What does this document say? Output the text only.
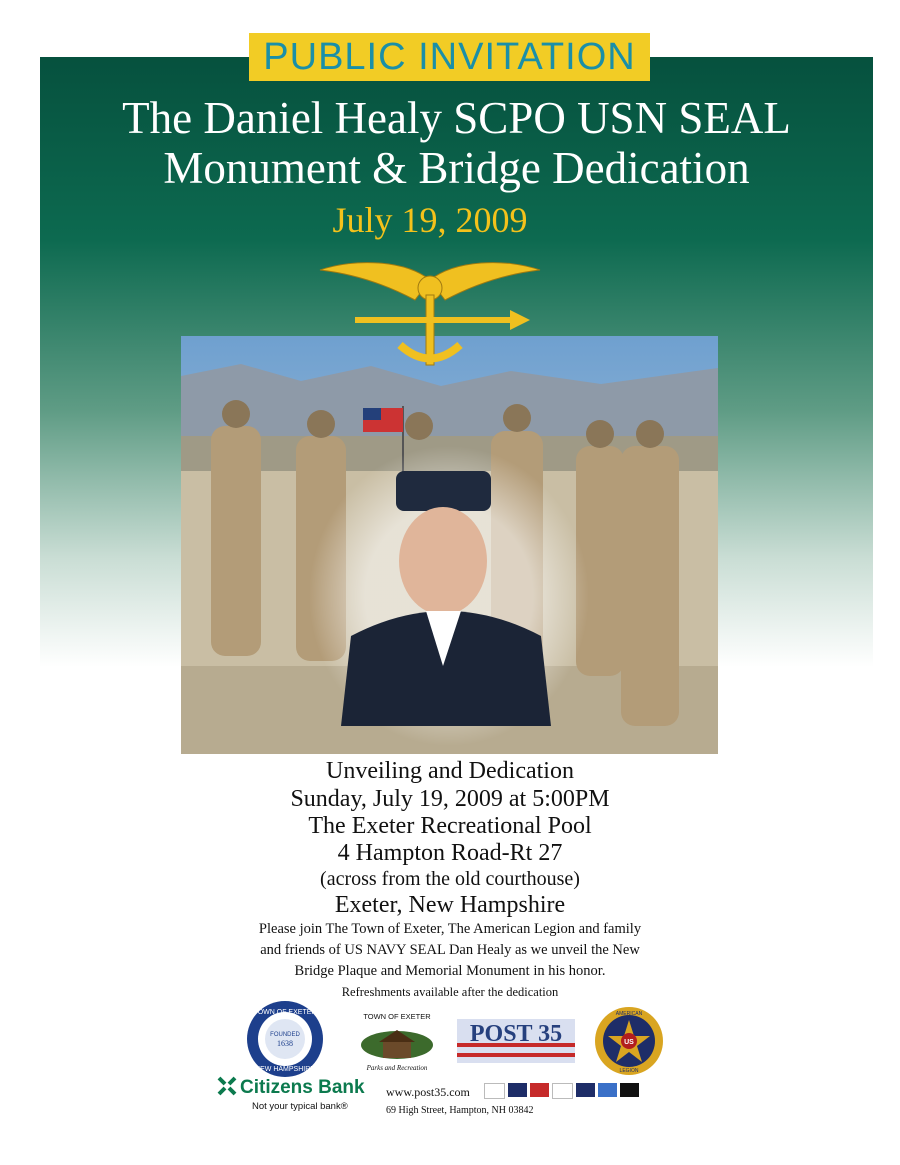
PUBLIC INVITATION
The Daniel Healy SCPO USN SEAL
Monument & Bridge Dedication
July 19, 2009
Unveiling and Dedication
Sunday, July 19, 2009 at 5:00PM
The Exeter Recreational Pool
4 Hampton Road-Rt 27
(across from the old courthouse)
Exeter, New Hampshire
Please join The Town of Exeter, The American Legion and family
and friends of US NAVY SEAL Dan Healy as we unveil the New
Bridge Plaque and Memorial Monument in his honor.
Refreshments available after the dedication
TOWN OF EXETER
FOUNDED
1638
NEW HAMPSHIRE
TOWN OF EXETER
Parks and Recreation
POST 35	US
AMERICAN
LEGION
Citizens Bank
Not your typical bank®
www.post35.com
69 High Street, Hampton, NH 03842
